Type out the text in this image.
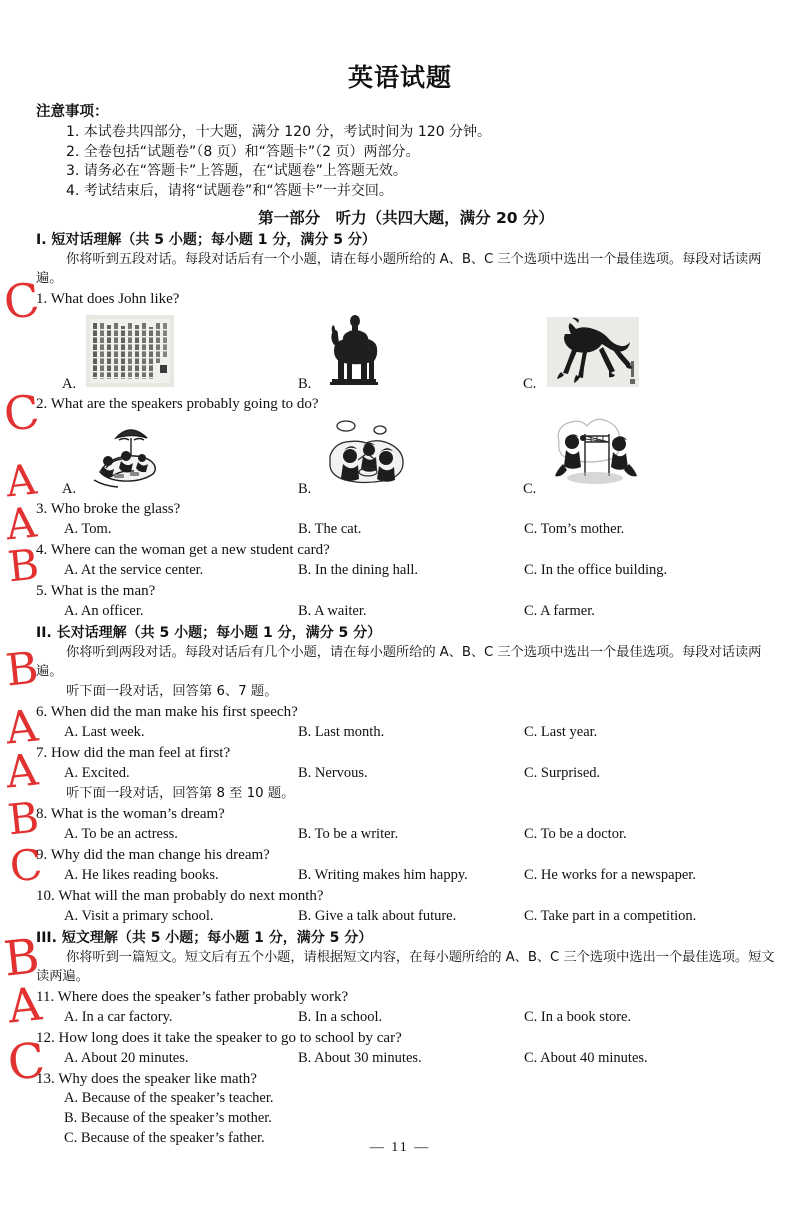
英语试题
注意事项：
1. 本试卷共四部分，十大题，满分 120 分，考试时间为 120 分钟。
2. 全卷包括“试题卷”（8 页）和“答题卡”（2 页）两部分。
3. 请务必在“答题卡”上答题，在“试题卷”上答题无效。
4. 考试结束后，请将“试题卷”和“答题卡”一并交回。
第一部分　听力（共四大题，满分 20 分）
I. 短对话理解（共 5 小题；每小题 1 分，满分 5 分）
你将听到五段对话。每段对话后有一个小题，请在每小题所给的 A、B、C 三个选项中选出一个最佳选项。每段对话读两遍。
1. What does John like?
A.	B.	C.
2. What are the speakers probably going to do?
A.	B.	C.
3. Who broke the glass?
A. Tom.	B. The cat.	C. Tom’s mother.
4. Where can the woman get a new student card?
A. At the service center.	B. In the dining hall.	C. In the office building.
5. What is the man?
A. An officer.	B. A waiter.	C. A farmer.
II. 长对话理解（共 5 小题；每小题 1 分，满分 5 分）
你将听到两段对话。每段对话后有几个小题，请在每小题所给的 A、B、C 三个选项中选出一个最佳选项。每段对话读两遍。
听下面一段对话，回答第 6、7 题。
6. When did the man make his first speech?
A. Last week.	B. Last month.	C. Last year.
7. How did the man feel at first?
A. Excited.	B. Nervous.	C. Surprised.
听下面一段对话，回答第 8 至 10 题。
8. What is the woman’s dream?
A. To be an actress.	B. To be a writer.	C. To be a doctor.
9. Why did the man change his dream?
A. He likes reading books.	B. Writing makes him happy.	C. He works for a newspaper.
10. What will the man probably do next month?
A. Visit a primary school.	B. Give a talk about future.	C. Take part in a competition.
III. 短文理解（共 5 小题；每小题 1 分，满分 5 分）
你将听到一篇短文。短文后有五个小题，请根据短文内容，在每小题所给的 A、B、C 三个选项中选出一个最佳选项。短文读两遍。
11. Where does the speaker’s father probably work?
A. In a car factory.	B. In a school.	C. In a book store.
12. How long does it take the speaker to go to school by car?
A. About 20 minutes.	B. About 30 minutes.	C. About 40 minutes.
13. Why does the speaker like math?
A. Because of the speaker’s teacher.
B. Because of the speaker’s mother.
C. Because of the speaker’s father.
C
C
A
A
B
B
A
A
B
C
B
A
C
— 11 —
